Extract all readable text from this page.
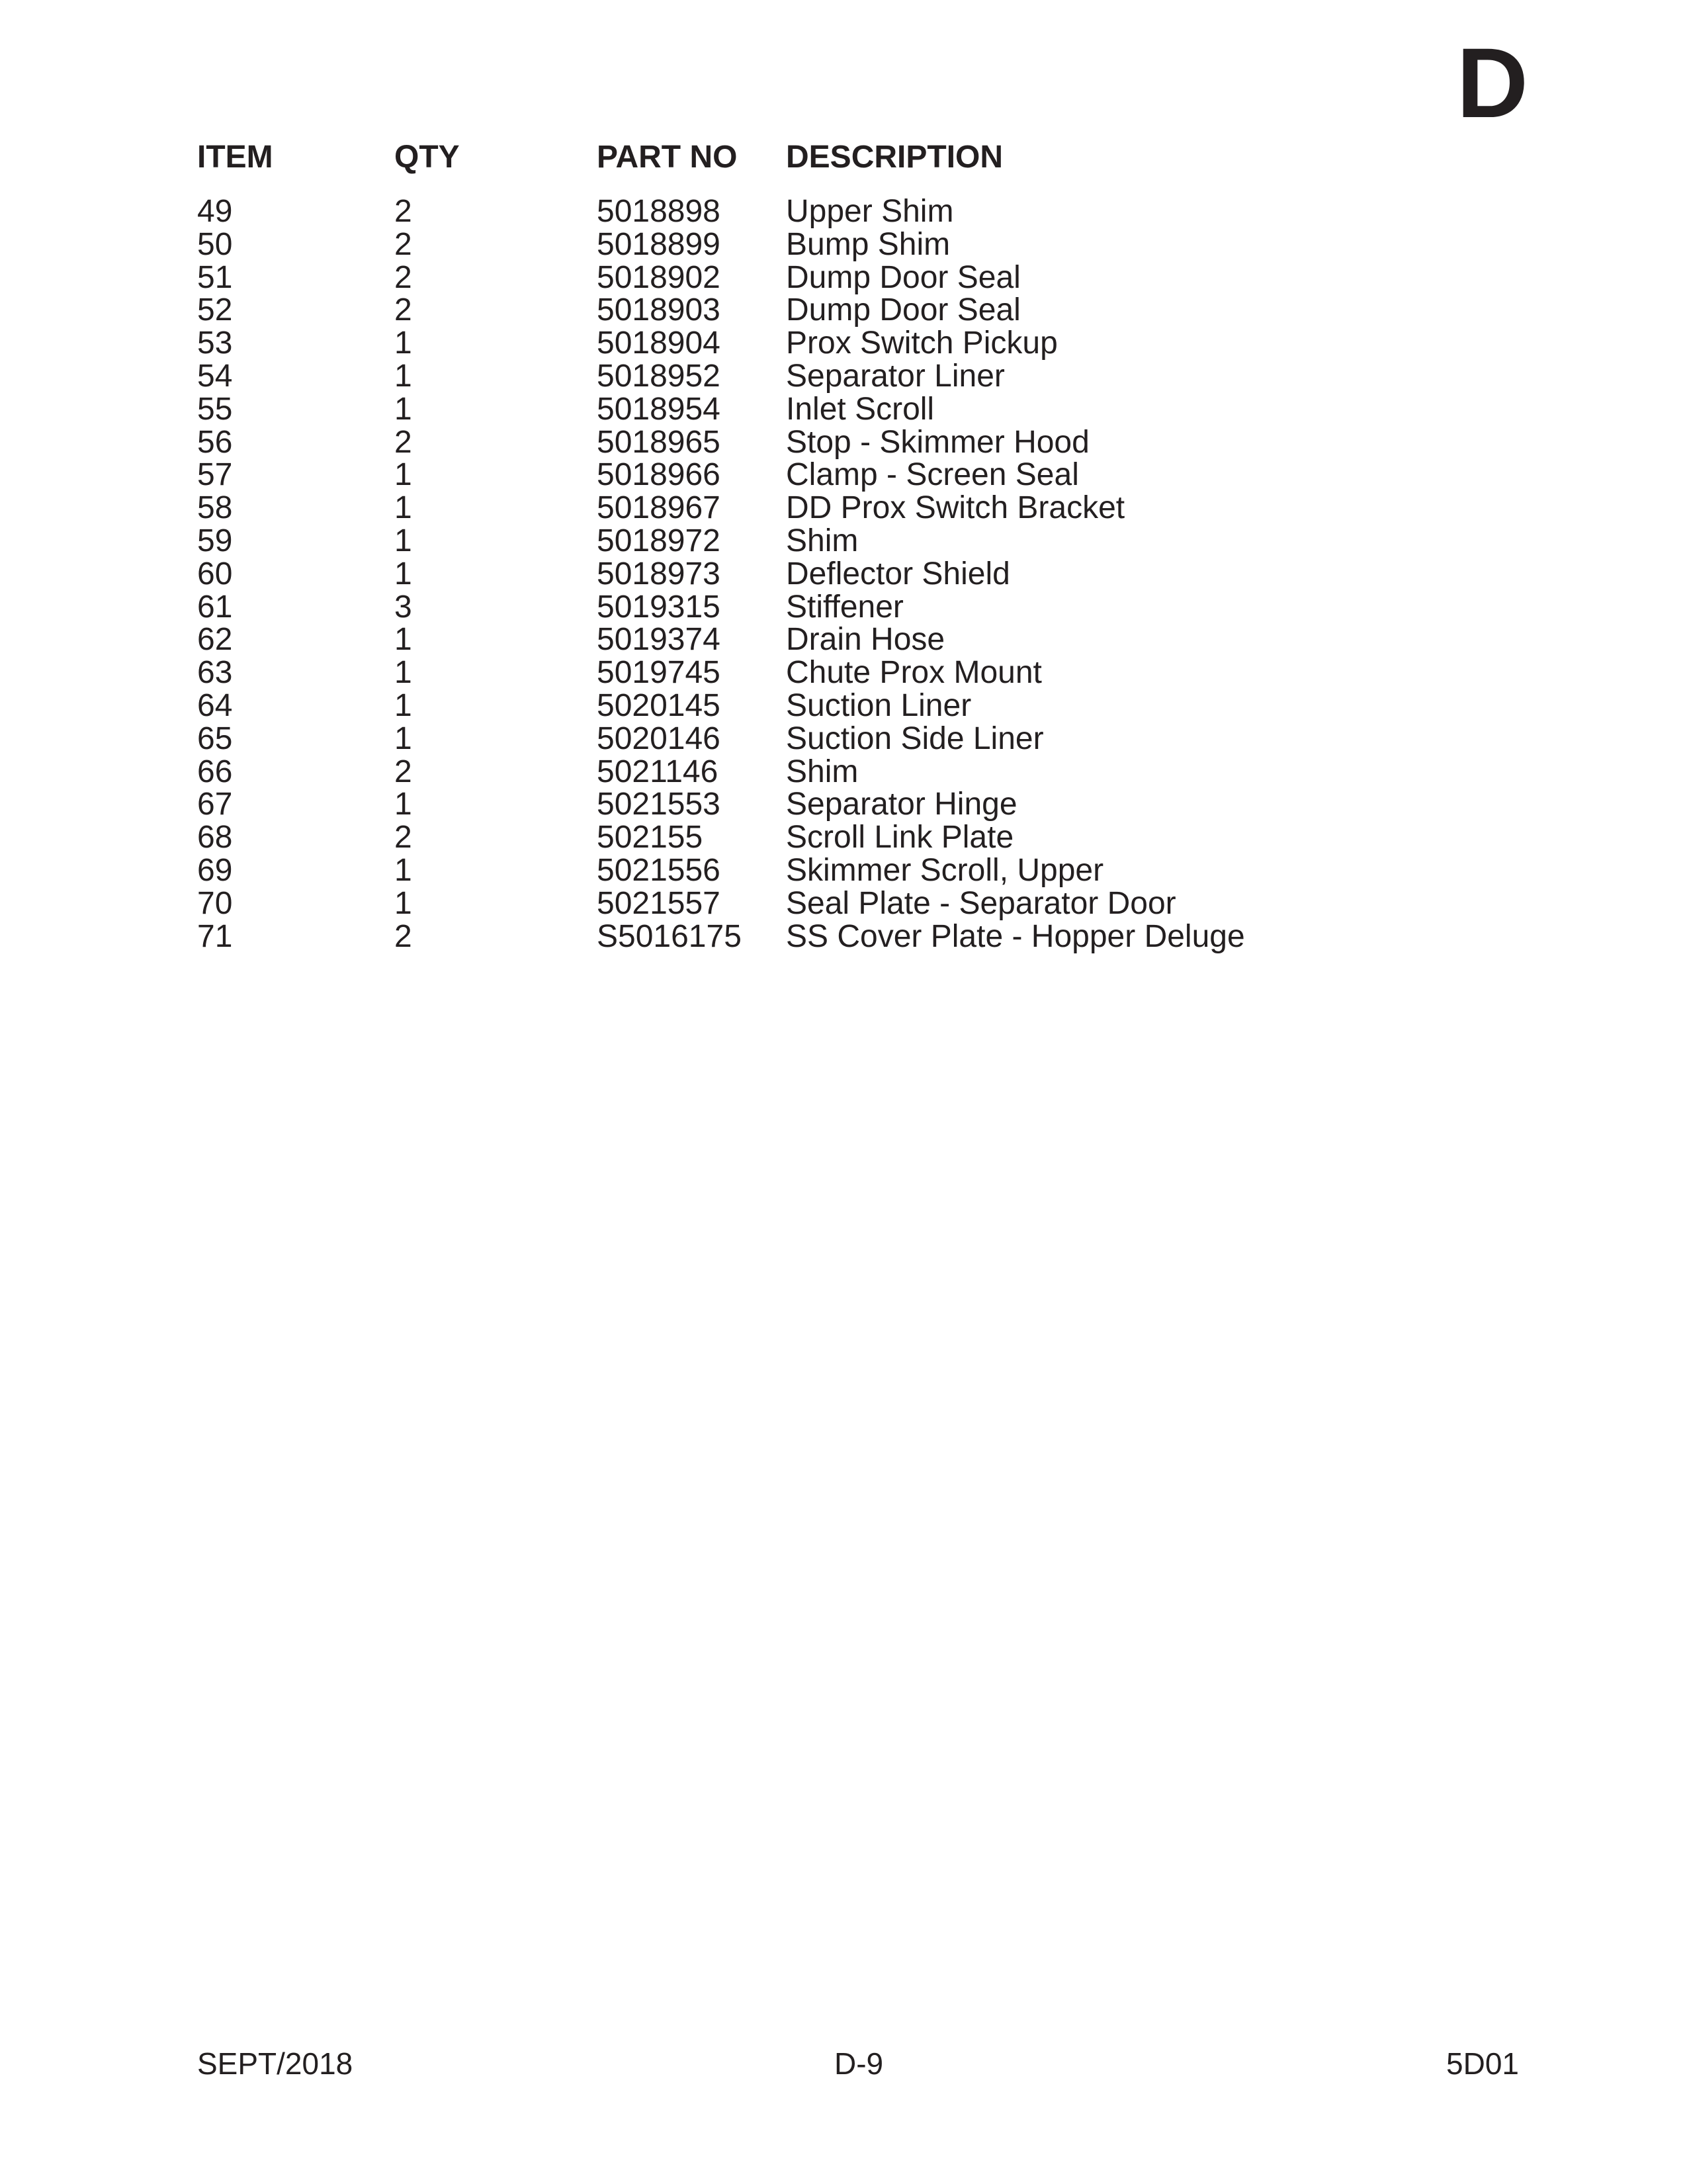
D
ITEM	QTY	PART NO	DESCRIPTION
49	2	5018898	Upper Shim
50	2	5018899	Bump Shim
51	2	5018902	Dump Door Seal
52	2	5018903	Dump Door Seal
53	1	5018904	Prox Switch Pickup
54	1	5018952	Separator Liner
55	1	5018954	Inlet Scroll
56	2	5018965	Stop - Skimmer Hood
57	1	5018966	Clamp - Screen Seal
58	1	5018967	DD Prox Switch Bracket
59	1	5018972	Shim
60	1	5018973	Deflector Shield
61	3	5019315	Stiffener
62	1	5019374	Drain Hose
63	1	5019745	Chute Prox Mount
64	1	5020145	Suction Liner
65	1	5020146	Suction Side Liner
66	2	5021146	Shim
67	1	5021553	Separator Hinge
68	2	502155	Scroll Link Plate
69	1	5021556	Skimmer Scroll, Upper
70	1	5021557	Seal Plate - Separator Door
71	2	S5016175	SS Cover Plate - Hopper Deluge
SEPT/2018	D-9	5D01
